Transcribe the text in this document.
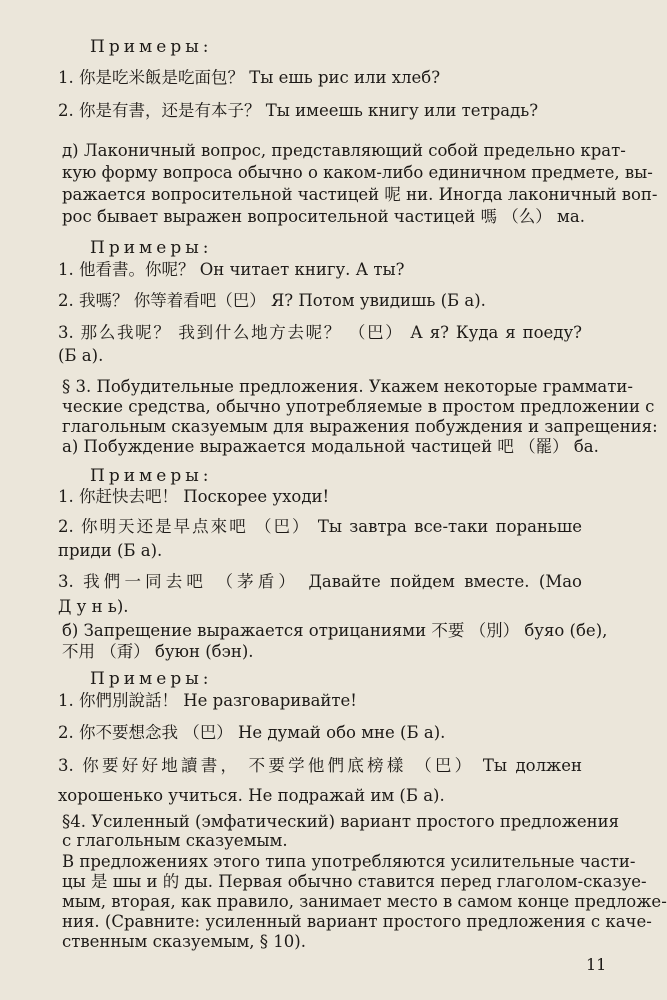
Примеры:
1. 你是吃米飯是吃面包？ Ты ешь рис или хлеб?
2. 你是有書，还是有本子？ Ты имеешь книгу или тетрадь?
д) Лаконичный вопрос, представляющий собой предельно крат-
кую форму вопроса обычно о каком-либо единичном предмете, вы-
ражается вопросительной частицей 呢 ни. Иногда лаконичный воп-
рос бывает выражен вопросительной частицей 嗎 （么） ма.
Примеры:
1. 他看書。你呢？ Он читает книгу. А ты?
2. 我嗎？ 你等着看吧（巴） Я? Потом увидишь (Б а).
3. 那么我呢？ 我到什么地方去呢？ （巴） А я? Куда я поеду?
(Б а).
§ 3. Побудительные предложения. Укажем некоторые граммати-
ческие средства, обычно употребляемые в простом предложении с
глагольным сказуемым для выражения побуждения и запрещения:
а) Побуждение выражается модальной частицей 吧 （罷） ба.
Примеры:
1. 你赶快去吧！ Поскорее уходи!
2. 你明天还是早点來吧 （巴） Ты завтра все-таки пораньше
приди (Б а).
3. 我們一同去吧 （茅盾） Давайте пойдем вместе. (Мао
Д у н ь).
б) Запрещение выражается отрицаниями 不要 （別） буяо (бе),
不用 （甭） буюн (бэн).
Примеры:
1. 你們別說話！ Не разговаривайте!
2. 你不要想念我 （巴） Не думай обо мне (Б а).
3. 你要好好地讀書， 不要学他們底榜樣 （巴） Ты должен
хорошенько учиться. Не подражай им (Б а).
§4. Усиленный (эмфатический) вариант простого предложения
с глагольным сказуемым.
В предложениях этого типа употребляются усилительные части-
цы 是 шы и 的 ды. Первая обычно ставится перед глаголом-сказуе-
мым, вторая, как правило, занимает место в самом конце предложе-
ния. (Сравните: усиленный вариант простого предложения с каче-
ственным сказуемым, § 10).
11
